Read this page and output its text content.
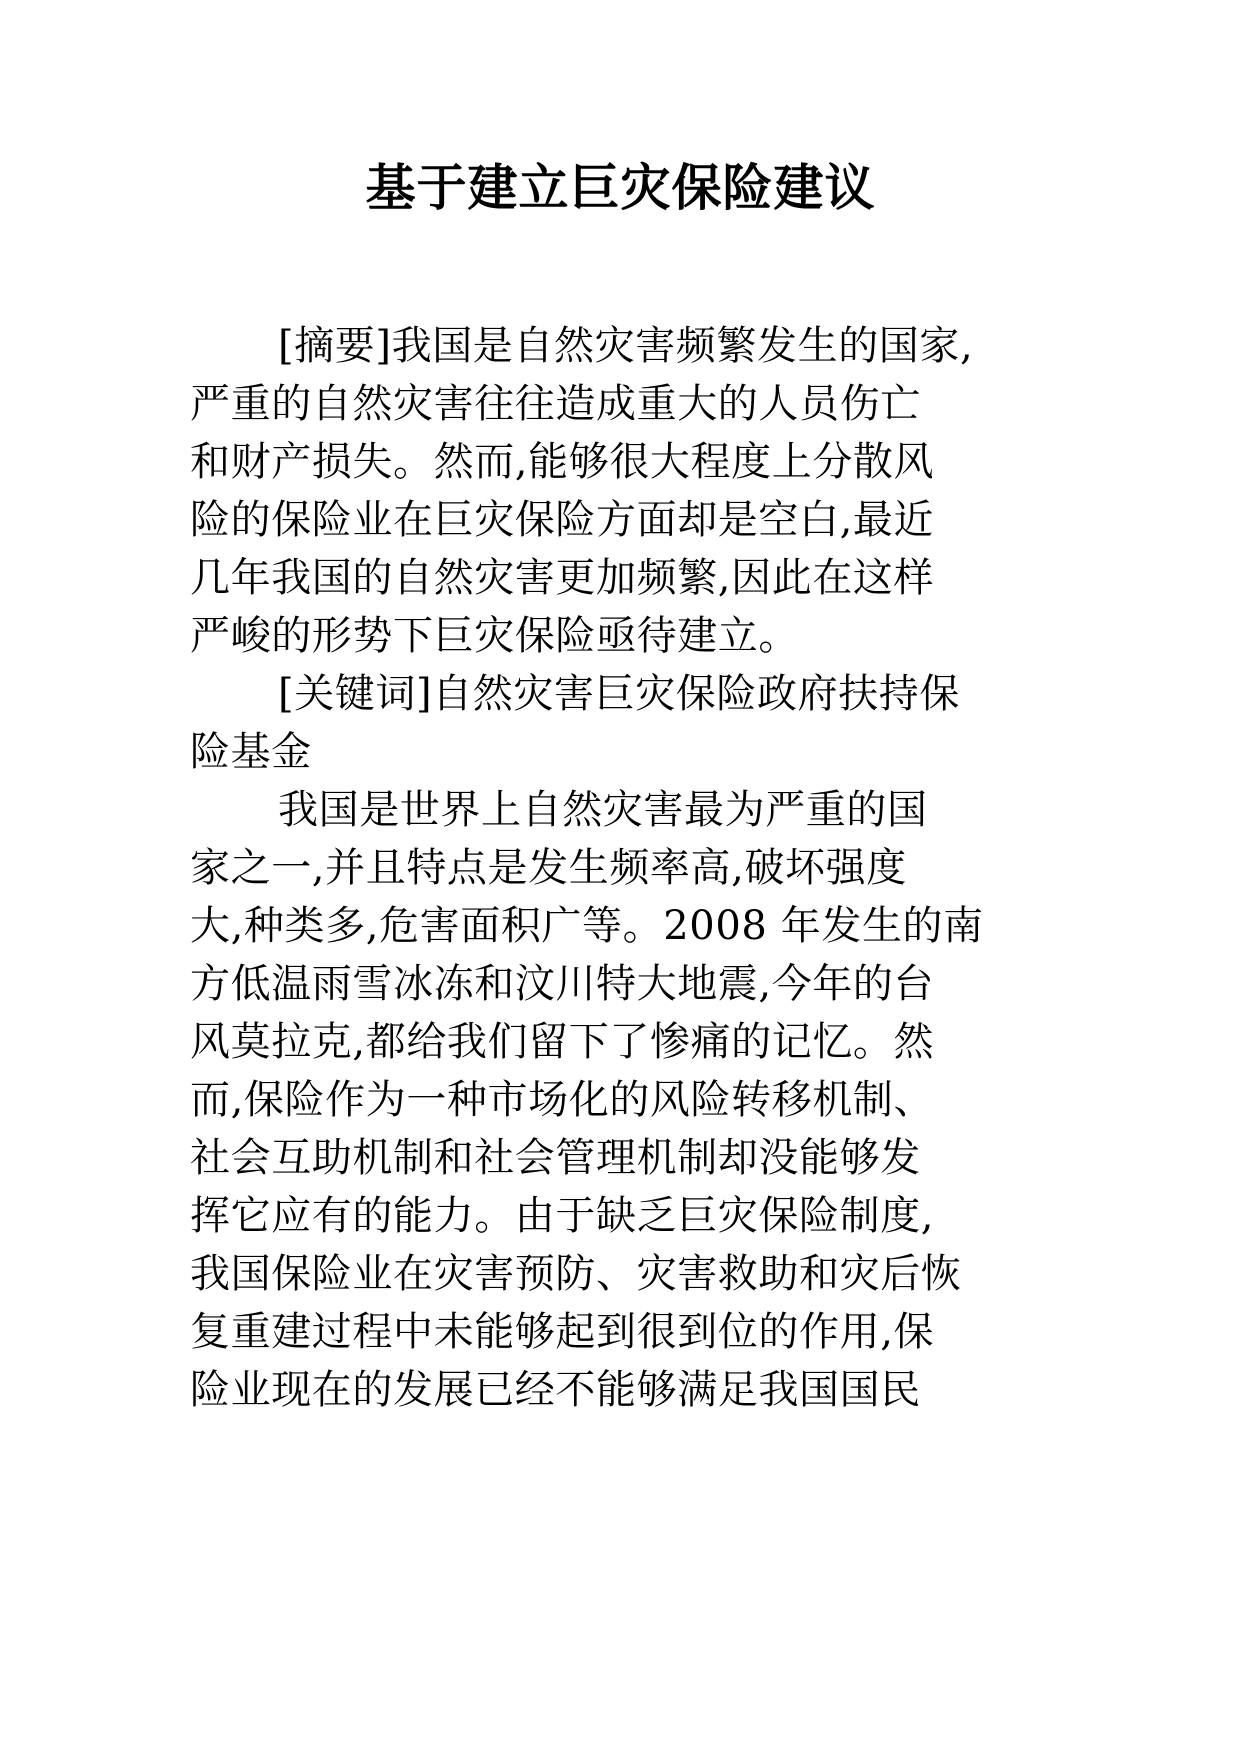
基于建立巨灾保险建议
[摘要]我国是自然灾害频繁发生的国家,
严重的自然灾害往往造成重大的人员伤亡
和财产损失。然而,能够很大程度上分散风
险的保险业在巨灾保险方面却是空白,最近
几年我国的自然灾害更加频繁,因此在这样
严峻的形势下巨灾保险亟待建立。
[关键词]自然灾害巨灾保险政府扶持保
险基金
我国是世界上自然灾害最为严重的国
家之一,并且特点是发生频率高,破坏强度
大,种类多,危害面积广等。2008 年发生的南
方低温雨雪冰冻和汶川特大地震,今年的台
风莫拉克,都给我们留下了惨痛的记忆。然
而,保险作为一种市场化的风险转移机制、
社会互助机制和社会管理机制却没能够发
挥它应有的能力。由于缺乏巨灾保险制度,
我国保险业在灾害预防、灾害救助和灾后恢
复重建过程中未能够起到很到位的作用,保
险业现在的发展已经不能够满足我国国民
